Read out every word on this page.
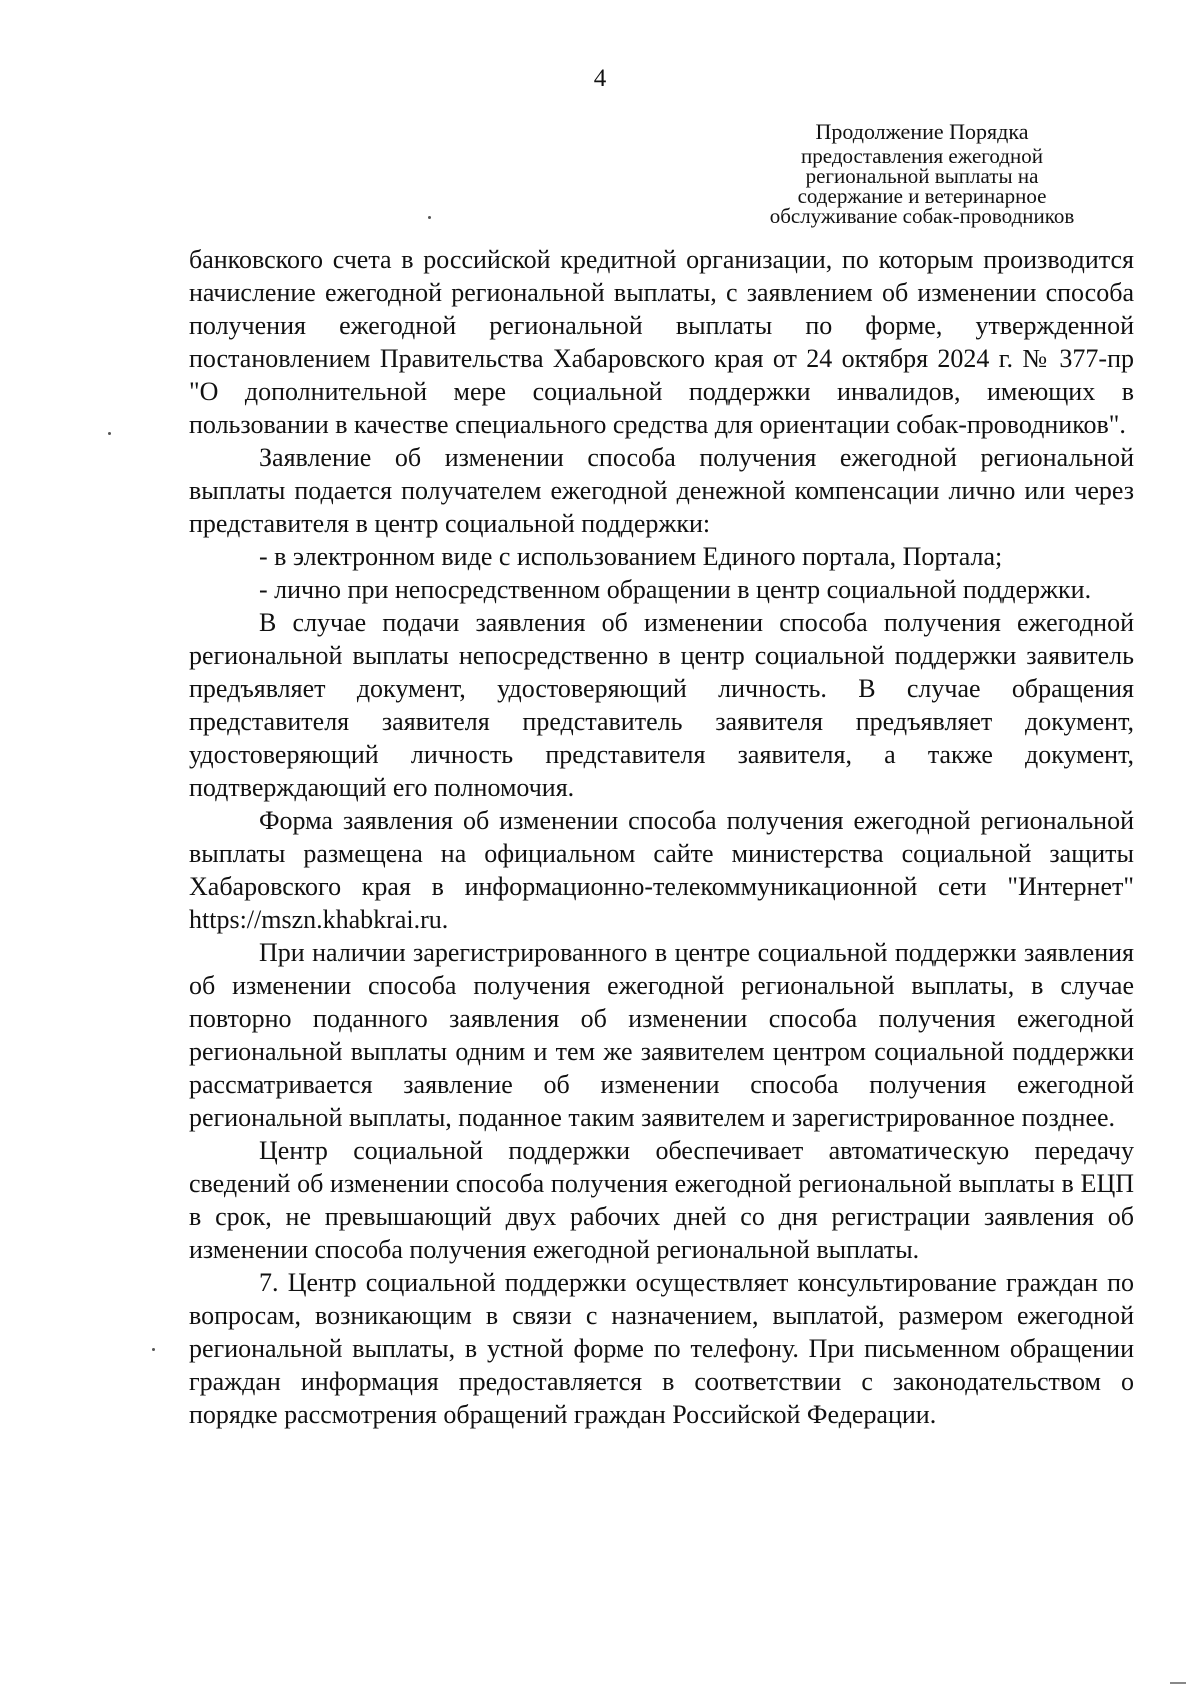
4
Продолжение Порядка
предоставления ежегодной
региональной выплаты на
содержание и ветеринарное
обслуживание собак-проводников

банковского счета в российской кредитной организации, по которым производится начисление ежегодной региональной выплаты, с заявлением об изменении способа получения ежегодной региональной выплаты по форме, утвержденной постановлением Правительства Хабаровского края от 24 октября 2024 г. № 377-пр "О дополнительной мере социальной поддержки инвалидов, имеющих в пользовании в качестве специального средства для ориентации собак-проводников".

Заявление об изменении способа получения ежегодной региональной выплаты подается получателем ежегодной денежной компенсации лично или через представителя в центр социальной поддержки:

- в электронном виде с использованием Единого портала, Портала;

- лично при непосредственном обращении в центр социальной поддержки.

В случае подачи заявления об изменении способа получения ежегодной региональной выплаты непосредственно в центр социальной поддержки заявитель предъявляет документ, удостоверяющий личность. В случае обращения представителя заявителя представитель заявителя предъявляет документ, удостоверяющий личность представителя заявителя, а также документ, подтверждающий его полномочия.

Форма заявления об изменении способа получения ежегодной региональной выплаты размещена на официальном сайте министерства социальной защиты Хабаровского края в информационно-телекоммуникационной сети "Интернет" https://mszn.khabkrai.ru.

При наличии зарегистрированного в центре социальной поддержки заявления об изменении способа получения ежегодной региональной выплаты, в случае повторно поданного заявления об изменении способа получения ежегодной региональной выплаты одним и тем же заявителем центром социальной поддержки рассматривается заявление об изменении способа получения ежегодной региональной выплаты, поданное таким заявителем и зарегистрированное позднее.

Центр социальной поддержки обеспечивает автоматическую передачу сведений об изменении способа получения ежегодной региональной выплаты в ЕЦП в срок, не превышающий двух рабочих дней со дня регистрации заявления об изменении способа получения ежегодной региональной выплаты.

7. Центр социальной поддержки осуществляет консультирование граждан по вопросам, возникающим в связи с назначением, выплатой, размером ежегодной региональной выплаты, в устной форме по телефону. При письменном обращении граждан информация предоставляется в соответствии с законодательством о порядке рассмотрения обращений граждан Российской Федерации.
